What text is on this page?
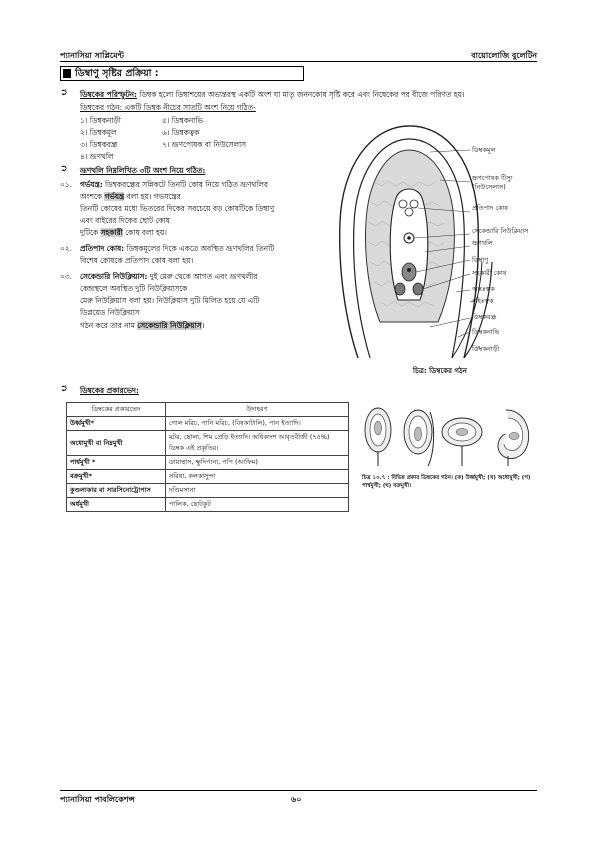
প্যানাসিয়া সাপ্লিমেন্ট	বায়োলোজি বুলেটিন
ডিম্বাণু সৃষ্টির প্রক্রিয়া :
➲ ডিম্বকের পরিস্ফুটন: ডিম্বক হলো ডিম্বাশয়ের অভ্যন্তরস্থ একটি অংশ যা মাতৃ জননকোষ সৃষ্টি করে এবং নিষেকের পর বীজে পরিণত হয়।
ডিম্বকের গঠন: একটি ডিম্বক নীচের সাতটি অংশ নিয়ে গঠিত-
১। ডিম্বকনাড়ী	৫। ডিম্বকনাভি
২। ডিম্বকমূল	৬। ডিম্বকত্বক
৩। ডিম্বকরন্ধ্র	৭। ভ্রূণপোষক বা নিউসেলাস
৪। ভ্রূণথলি
➲ ভ্রূণথলি নিম্নলিখিত ৩টি অংশ নিয়ে গঠিত:
০১. গর্ভযন্ত্র: ডিম্বকরন্ধ্রের সন্নিকটে তিনটি কোষ নিয়ে গঠিত ভ্রূণথলির
অংশকে গর্ভযন্ত্র বলা হয়। গভযন্ত্রের
তিনটি কোষের মধ্যে ভিতরের দিকের সবচেয়ে বড় কোষটিকে ডিম্বাণু
এবং বাইরের দিকের ছোট কোষ
দুটিকে সহকারী কোষ বলা হয়।
০২. প্রতিপাদ কোষ: ডিম্বকমূলের দিকে একত্রে অবস্থিত ভ্রূণথলির তিনটি
বিশেষ কোষকে প্রতিপাদ কোষ বলা হয়।
০৩. সেকেন্ডারি নিউক্লিয়াস: দুই মেরু থেকে আগত এবং ভ্রূণথলীর
কেন্দ্রস্থলে অবস্থিত দুটি নিউক্লিয়াসকে
মেরু নিউক্লিয়াস বলা হয়। নিউক্লিয়াস দুটি মিলিত হয়ে যে এটি
ডিপ্লয়েড নিউক্লিয়াস
গঠন করে তার নাম সেকেন্ডারি নিউক্লিয়াস।
ডিম্বকমূল
ভ্রূণপোষক টিস্যু
(নিউসেলাস)
প্রতিপাদ কোষ
সেকেন্ডারি নিউক্লিয়াস
ভ্রূণথলি
ডিম্বাণু
সহকারী কোষ
অন্তঃত্বক
বহিঃত্বক
ডিম্বকরন্ধ্র
ডিম্বকনাভি
ডিম্বকনাড়ী
চিত্র: ডিম্বকের গঠন
➲ ডিম্বকের প্রকারভেদ:
ডিম্বকের প্রকারভেদ	উদাহরণ
উর্ধ্বমুখী*	গোল মরিচ, পানি মরিচ, (বিষকাটালি), পান ইত্যাদি।
অধোমুখী বা নিম্নমুখী	মটর, ছোলা, শিম প্রেড়ি ইত্যাদি। অধিকাংশ আবৃতবীজী (৭৫%) ডিম্বক এই প্রকৃতির।
পার্শ্বমুখী *	ডায়ান্থাস, ক্ষুদিপানা, পপি (আফিম)
বক্রমুখী*	সরিষা, কলকাসুন্দা
কুণ্ডলাকার বা সারসিনোট্রোপাস	দণ্ডিমসানা
অর্ধমুখী	পালিক, ছোটকুট
চিত্র ১০.৭ : বিভিন্ন প্রকার ডিম্বকের গঠন। (ক) উর্ধ্বমুখী; (খ) অধোমুখী; (গ) পার্শ্বমুখী; (ঘ) বক্রমুখী।
প্যানাসিয়া পাবলিকেশন্স	৬০
